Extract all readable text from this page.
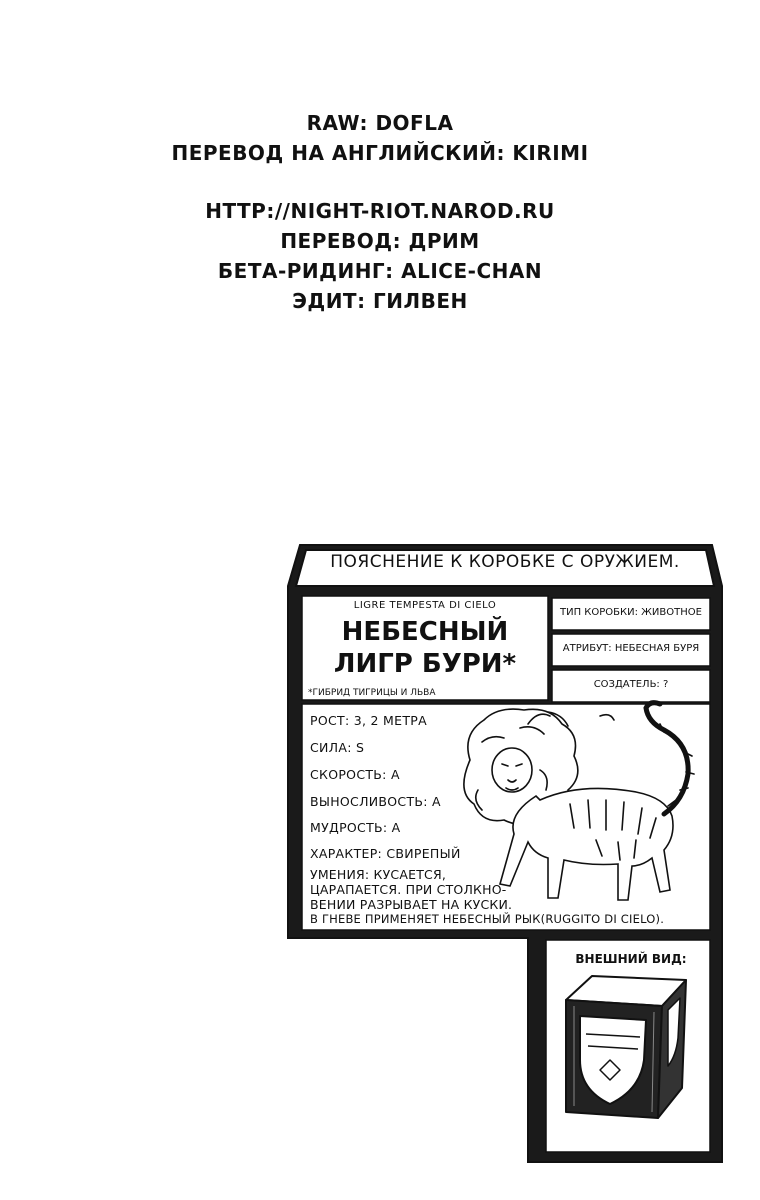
RAW: DOFLA
ПЕРЕВОД НА АНГЛИЙСКИЙ: KIRIMI
HTTP://NIGHT-RIOT.NAROD.RU
ПЕРЕВОД: ДРИМ
БЕТА-РИДИНГ: ALICE-CHAN
ЭДИТ: ГИЛВЕН
ПОЯСНЕНИЕ К КОРОБКЕ С ОРУЖИЕМ.
LIGRE TEMPESTA DI CIELO
НЕБЕСНЫЙ
ЛИГР БУРИ*
*ГИБРИД ТИГРИЦЫ И ЛЬВА
ТИП КОРОБКИ: ЖИВОТНОЕ
АТРИБУТ: НЕБЕСНАЯ БУРЯ
СОЗДАТЕЛЬ: ?
РОСТ: 3, 2 МЕТРА
СИЛА: S
СКОРОСТЬ: A
ВЫНОСЛИВОСТЬ: A
МУДРОСТЬ: A
ХАРАКТЕР: СВИРЕПЫЙ
УМЕНИЯ: КУСАЕТСЯ,
ЦАРАПАЕТСЯ. ПРИ СТОЛКНО-
ВЕНИИ РАЗРЫВАЕТ НА КУСКИ.
В ГНЕВЕ ПРИМЕНЯЕТ НЕБЕСНЫЙ РЫК(RUGGITO DI CIELO).
ВНЕШНИЙ ВИД:
